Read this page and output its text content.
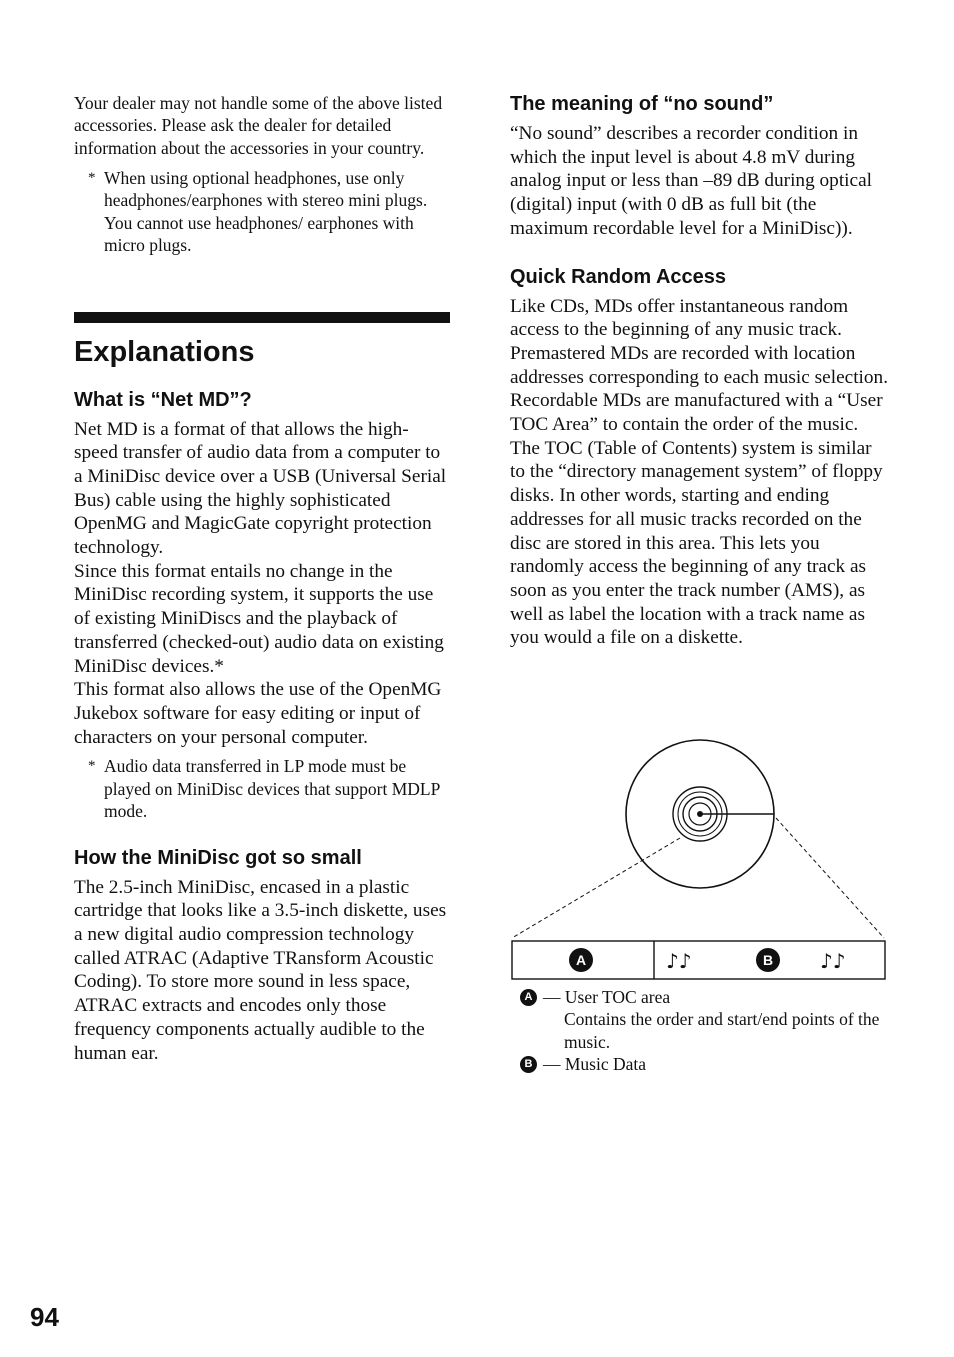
Your dealer may not handle some of the above listed accessories. Please ask the dealer for detailed information about the accessories in your country.

* When using optional headphones, use only headphones/earphones with stereo mini plugs. You cannot use headphones/ earphones with micro plugs.
Explanations
What is “Net MD”?

Net MD is a format of that allows the high-speed transfer of audio data from a computer to a MiniDisc device over a USB (Universal Serial Bus) cable using the highly sophisticated OpenMG and MagicGate copyright protection technology.

Since this format entails no change in the MiniDisc recording system, it supports the use of existing MiniDiscs and the playback of transferred (checked-out) audio data on existing MiniDisc devices.*

This format also allows the use of the OpenMG Jukebox software for easy editing or input of characters on your personal computer.

* Audio data transferred in LP mode must be played on MiniDisc devices that support MDLP mode.
How the MiniDisc got so small

The 2.5-inch MiniDisc, encased in a plastic cartridge that looks like a 3.5-inch diskette, uses a new digital audio compression technology called ATRAC (Adaptive TRansform Acoustic Coding). To store more sound in less space, ATRAC extracts and encodes only those frequency components actually audible to the human ear.

The meaning of “no sound”

“No sound” describes a recorder condition in which the input level is about 4.8 mV during analog input or less than –89 dB during optical (digital) input (with 0 dB as full bit (the maximum recordable level for a MiniDisc)).

Quick Random Access

Like CDs, MDs offer instantaneous random access to the beginning of any music track. Premastered MDs are recorded with location addresses corresponding to each music selection.

Recordable MDs are manufactured with a “User TOC Area” to contain the order of the music. The TOC (Table of Contents) system is similar to the “directory management system” of floppy disks. In other words, starting and ending addresses for all music tracks recorded on the disc are stored in this area. This lets you randomly access the beginning of any track as soon as you enter the track number (AMS), as well as label the location with a track name as you would a file on a diskette.

A	B
♪♪	♪♪
A — User TOC area
Contains the order and start/end points of the music.
B — Music Data
94
